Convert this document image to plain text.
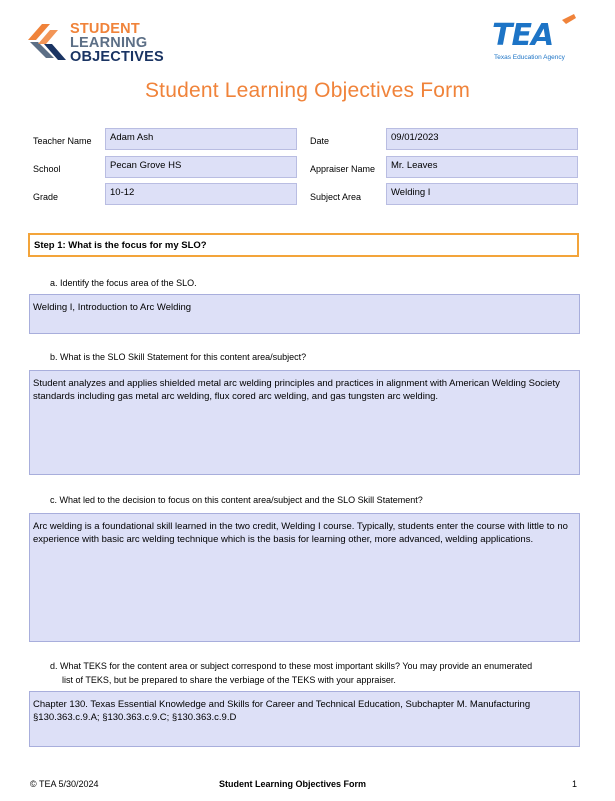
STUDENT
LEARNING
OBJECTIVES
TEA
Texas Education Agency
Student Learning Objectives Form
Teacher Name	Adam Ash
School	Pecan Grove HS
Grade	10-12
Date	09/01/2023
Appraiser Name	Mr. Leaves
Subject Area	Welding I
Step 1: What is the focus for my SLO?
a. Identify the focus area of the SLO.
Welding I, Introduction to Arc Welding
b. What is the SLO Skill Statement for this content area/subject?
Student analyzes and applies shielded metal arc welding principles and practices in alignment with American Welding Society standards including gas metal arc welding, flux cored arc welding, and gas tungsten arc welding.
c. What led to the decision to focus on this content area/subject and the SLO Skill Statement?
Arc welding is a foundational skill learned in the two credit, Welding I course. Typically, students enter the course with little to no experience with basic arc welding technique which is the basis for learning other, more advanced, welding applications.
d. What TEKS for the content area or subject correspond to these most important skills? You may provide an enumerated
list of TEKS, but be prepared to share the verbiage of the TEKS with your appraiser.
Chapter 130. Texas Essential Knowledge and Skills for Career and Technical Education, Subchapter M. Manufacturing §130.363.c.9.A; §130.363.c.9.C; §130.363.c.9.D
© TEA 5/30/2024	Student Learning Objectives Form	1
